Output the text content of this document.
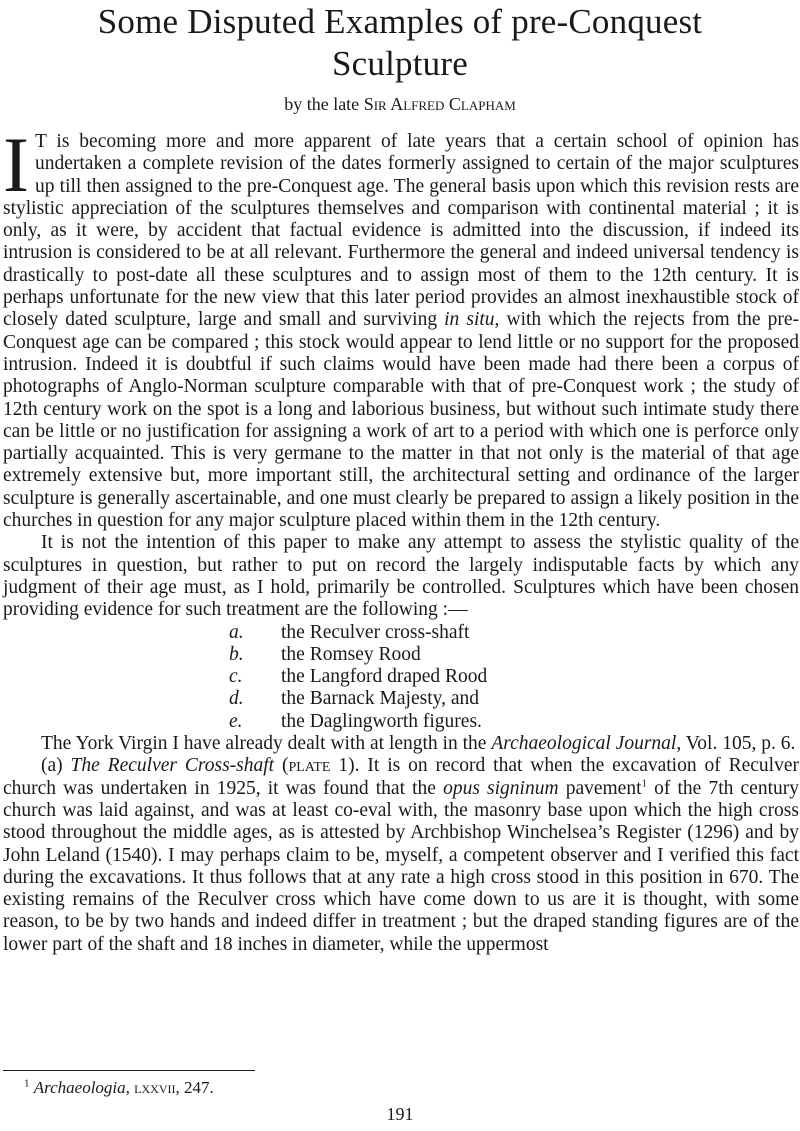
Some Disputed Examples of pre-Conquest
Sculpture
by the late Sir Alfred Clapham

I T is becoming more and more apparent of late years that a certain school of opinion has undertaken a complete revision of the dates formerly assigned to certain of the major sculptures up till then assigned to the pre-Conquest age. The general basis upon which this revision rests are stylistic appreciation of the sculptures themselves and comparison with continental material ; it is only, as it were, by accident that factual evidence is admitted into the discussion, if indeed its intrusion is considered to be at all relevant. Furthermore the general and indeed universal tendency is drastically to post-date all these sculptures and to assign most of them to the 12th century. It is perhaps unfortunate for the new view that this later period provides an almost inexhaustible stock of closely dated sculpture, large and small and surviving in situ, with which the rejects from the pre-Conquest age can be compared ; this stock would appear to lend little or no support for the proposed intrusion. Indeed it is doubtful if such claims would have been made had there been a corpus of photographs of Anglo-Norman sculpture comparable with that of pre-Conquest work ; the study of 12th century work on the spot is a long and laborious business, but without such intimate study there can be little or no justification for assigning a work of art to a period with which one is perforce only partially acquainted. This is very germane to the matter in that not only is the material of that age extremely extensive but, more important still, the architectural setting and ordinance of the larger sculpture is generally ascertainable, and one must clearly be prepared to assign a likely position in the churches in question for any major sculpture placed within them in the 12th century.

It is not the intention of this paper to make any attempt to assess the stylistic quality of the sculptures in question, but rather to put on record the largely indisputable facts by which any judgment of their age must, as I hold, primarily be controlled. Sculptures which have been chosen providing evidence for such treatment are the following :—

a.	the Reculver cross-shaft
b.	the Romsey Rood
c.	the Langford draped Rood
d.	the Barnack Majesty, and
e.	the Daglingworth figures.

The York Virgin I have already dealt with at length in the Archaeological Journal, Vol. 105, p. 6.

(a) The Reculver Cross-shaft (plate 1). It is on record that when the excavation of Reculver church was undertaken in 1925, it was found that the opus signinum pavement$^1$ of the 7th century church was laid against, and was at least co-eval with, the masonry base upon which the high cross stood throughout the middle ages, as is attested by Archbishop Winchelsea’s Register (1296) and by John Leland (1540). I may perhaps claim to be, myself, a competent observer and I verified this fact during the excavations. It thus follows that at any rate a high cross stood in this position in 670. The existing remains of the Reculver cross which have come down to us are it is thought, with some reason, to be by two hands and indeed differ in treatment ; but the draped standing figures are of the lower part of the shaft and 18 inches in diameter, while the uppermost

$^1$ Archaeologia, lxxvii, 247.
191
